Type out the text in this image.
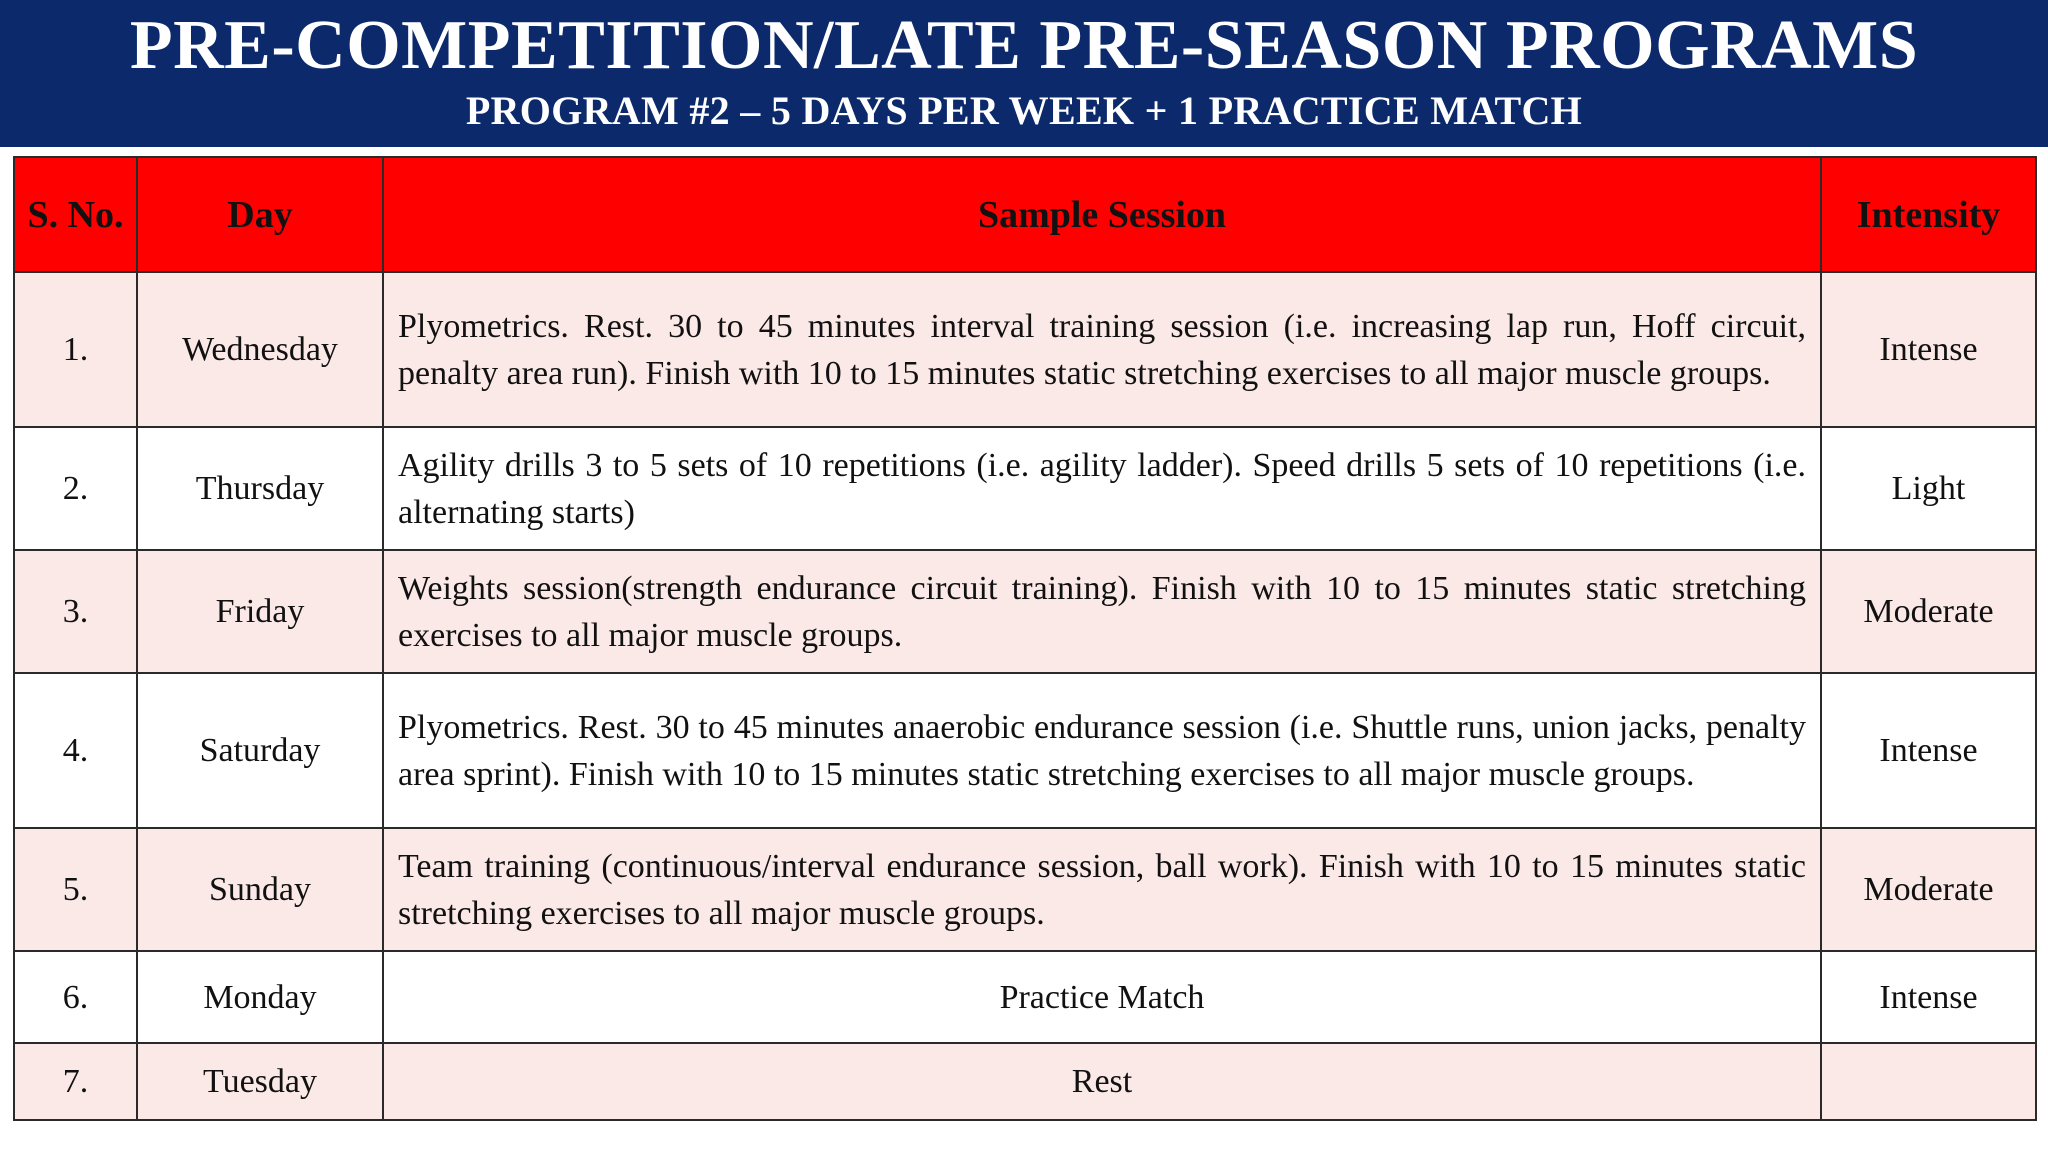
PRE-COMPETITION/LATE PRE-SEASON PROGRAMS
PROGRAM #2 – 5 DAYS PER WEEK + 1 PRACTICE MATCH
S. No.	Day	Sample Session	Intensity
1.	Wednesday	Plyometrics. Rest. 30 to 45 minutes interval training session (i.e. increasing lap run, Hoff circuit, penalty area run). Finish with 10 to 15 minutes static stretching exercises to all major muscle groups.	Intense
2.	Thursday	Agility drills 3 to 5 sets of 10 repetitions (i.e. agility ladder). Speed drills 5 sets of 10 repetitions (i.e. alternating starts)	Light
3.	Friday	Weights session(strength endurance circuit training). Finish with 10 to 15 minutes static stretching exercises to all major muscle groups.	Moderate
4.	Saturday	Plyometrics. Rest. 30 to 45 minutes anaerobic endurance session (i.e. Shuttle runs, union jacks, penalty area sprint). Finish with 10 to 15 minutes static stretching exercises to all major muscle groups.	Intense
5.	Sunday	Team training (continuous/interval endurance session, ball work). Finish with 10 to 15 minutes static stretching exercises to all major muscle groups.	Moderate
6.	Monday	Practice Match	Intense
7.	Tuesday	Rest	
